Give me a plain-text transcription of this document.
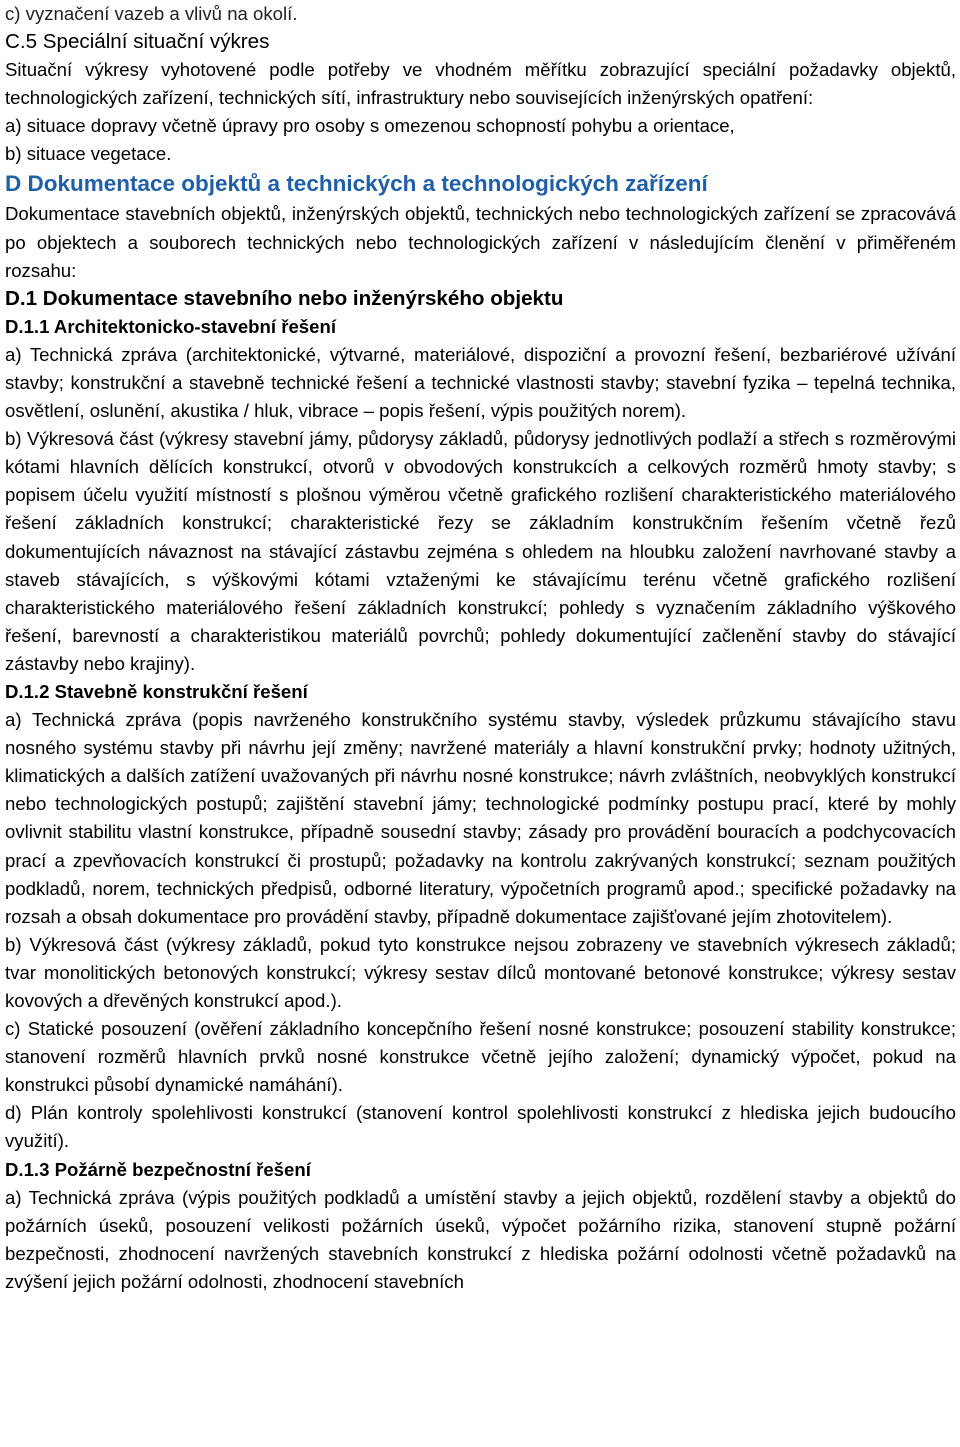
c) vyznačení vazeb a vlivů na okolí.

C.5 Speciální situační výkres

Situační výkresy vyhotovené podle potřeby ve vhodném měřítku zobrazující speciální požadavky objektů, technologických zařízení, technických sítí, infrastruktury nebo souvisejících inženýrských opatření:

a) situace dopravy včetně úpravy pro osoby s omezenou schopností pohybu a orientace,

b) situace vegetace.

D Dokumentace objektů a technických a technologických zařízení

Dokumentace stavebních objektů, inženýrských objektů, technických nebo technologických zařízení se zpracovává po objektech a souborech technických nebo technologických zařízení v následujícím členění v přiměřeném rozsahu:

D.1 Dokumentace stavebního nebo inženýrského objektu

D.1.1 Architektonicko-stavební řešení

a) Technická zpráva (architektonické, výtvarné, materiálové, dispoziční a provozní řešení, bezbariérové užívání stavby; konstrukční a stavebně technické řešení a technické vlastnosti stavby; stavební fyzika – tepelná technika, osvětlení, oslunění, akustika / hluk, vibrace – popis řešení, výpis použitých norem).

b) Výkresová část (výkresy stavební jámy, půdorysy základů, půdorysy jednotlivých podlaží a střech s rozměrovými kótami hlavních dělících konstrukcí, otvorů v obvodových konstrukcích a celkových rozměrů hmoty stavby; s popisem účelu využití místností s plošnou výměrou včetně grafického rozlišení charakteristického materiálového řešení základních konstrukcí; charakteristické řezy se základním konstrukčním řešením včetně řezů dokumentujících návaznost na stávající zástavbu zejména s ohledem na hloubku založení navrhované stavby a staveb stávajících, s výškovými kótami vztaženými ke stávajícímu terénu včetně grafického rozlišení charakteristického materiálového řešení základních konstrukcí; pohledy s vyznačením základního výškového řešení, barevností a charakteristikou materiálů povrchů; pohledy dokumentující začlenění stavby do stávající zástavby nebo krajiny).

D.1.2 Stavebně konstrukční řešení

a) Technická zpráva (popis navrženého konstrukčního systému stavby, výsledek průzkumu stávajícího stavu nosného systému stavby při návrhu její změny; navržené materiály a hlavní konstrukční prvky; hodnoty užitných, klimatických a dalších zatížení uvažovaných při návrhu nosné konstrukce; návrh zvláštních, neobvyklých konstrukcí nebo technologických postupů; zajištění stavební jámy; technologické podmínky postupu prací, které by mohly ovlivnit stabilitu vlastní konstrukce, případně sousední stavby; zásady pro provádění bouracích a podchycovacích prací a zpevňovacích konstrukcí či prostupů; požadavky na kontrolu zakrývaných konstrukcí; seznam použitých podkladů, norem, technických předpisů, odborné literatury, výpočetních programů apod.; specifické požadavky na rozsah a obsah dokumentace pro provádění stavby, případně dokumentace zajišťované jejím zhotovitelem).

b) Výkresová část (výkresy základů, pokud tyto konstrukce nejsou zobrazeny ve stavebních výkresech základů; tvar monolitických betonových konstrukcí; výkresy sestav dílců montované betonové konstrukce; výkresy sestav kovových a dřevěných konstrukcí apod.).

c) Statické posouzení (ověření základního koncepčního řešení nosné konstrukce; posouzení stability konstrukce; stanovení rozměrů hlavních prvků nosné konstrukce včetně jejího založení; dynamický výpočet, pokud na konstrukci působí dynamické namáhání).

d) Plán kontroly spolehlivosti konstrukcí (stanovení kontrol spolehlivosti konstrukcí z hlediska jejich budoucího využití).

D.1.3 Požárně bezpečnostní řešení

a) Technická zpráva (výpis použitých podkladů a umístění stavby a jejich objektů, rozdělení stavby a objektů do požárních úseků, posouzení velikosti požárních úseků, výpočet požárního rizika, stanovení stupně požární bezpečnosti, zhodnocení navržených stavebních konstrukcí z hlediska požární odolnosti včetně požadavků na zvýšení jejich požární odolnosti, zhodnocení stavebních
